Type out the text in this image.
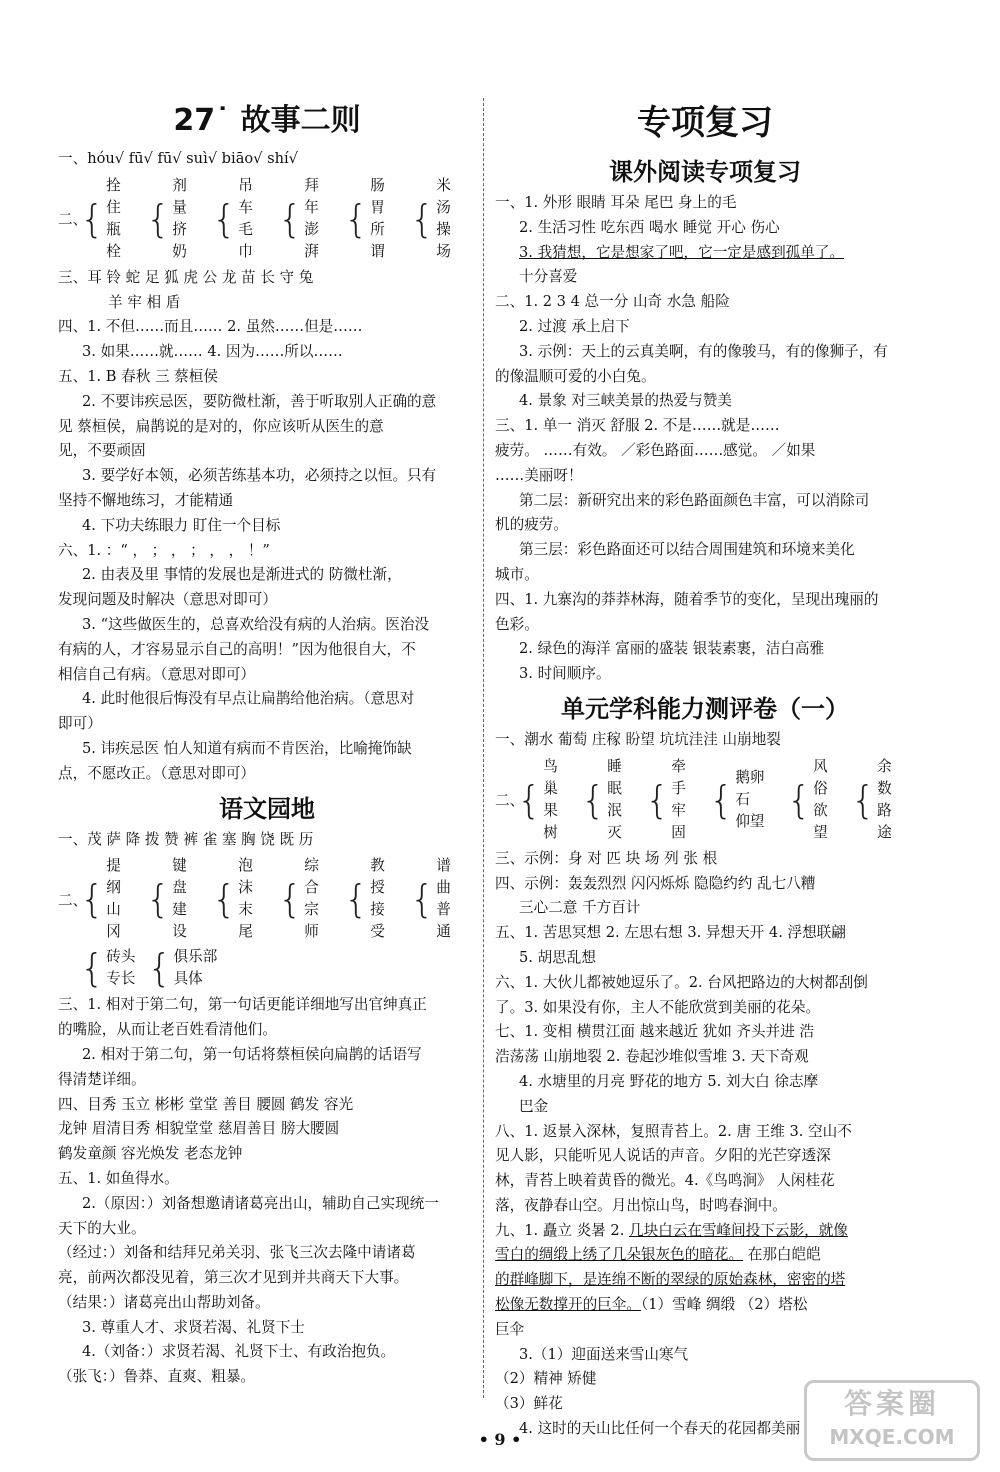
27˙ 故事二则
一、hóu√ fū√ fū√ suì√ biāo√ shí√
二、
{
拴住
瓶栓
{
剂量
挤奶
{
吊车
毛巾
{
拜年
澎湃
{
肠胃
所谓
{
米汤
操场
三、耳 铃 蛇 足 狐 虎 公 龙 苗 长 守 兔
羊 牢 相 盾
四、1. 不但……而且…… 2. 虽然……但是……
3. 如果……就…… 4. 因为……所以……
五、1. B 春秋 三 蔡桓侯
2. 不要讳疾忌医，要防微杜渐，善于听取别人正确的意
见 蔡桓侯，扁鹊说的是对的，你应该听从医生的意
见，不要顽固
3. 要学好本领，必须苦练基本功，必须持之以恒。只有
坚持不懈地练习，才能精通
4. 下功夫练眼力 盯住一个目标
六、1. ：“ ， ； ， ； ， ， ！”
2. 由表及里 事情的发展也是渐进式的 防微杜渐，
发现问题及时解决（意思对即可）
3. “这些做医生的，总喜欢给没有病的人治病。医治没
有病的人，才容易显示自己的高明！”因为他很自大，不
相信自己有病。（意思对即可）
4. 此时他很后悔没有早点让扁鹊给他治病。（意思对
即可）
5. 讳疾忌医 怕人知道有病而不肯医治，比喻掩饰缺
点，不愿改正。（意思对即可）
语文园地
一、茂 萨 降 拨 赞 裤 雀 塞 胸 饶 既 历
二、
{
提纲
山冈
{
键盘
建设
{
泡沫
末尾
{
综合
宗师
{
教授
接受
{
谱曲
普通
{ 砖头
专长 { 俱乐部
具体
三、1. 相对于第二句，第一句话更能详细地写出官绅真正
的嘴脸，从而让老百姓看清他们。
2. 相对于第二句，第一句话将蔡桓侯向扁鹊的话语写
得清楚详细。
四、目秀 玉立 彬彬 堂堂 善目 腰圆 鹤发 容光
龙钟 眉清目秀 相貌堂堂 慈眉善目 膀大腰圆
鹤发童颜 容光焕发 老态龙钟
五、1. 如鱼得水。
2.（原因：）刘备想邀请诸葛亮出山，辅助自己实现统一
天下的大业。
（经过：）刘备和结拜兄弟关羽、张飞三次去隆中请诸葛
亮，前两次都没见着，第三次才见到并共商天下大事。
（结果：）诸葛亮出山帮助刘备。
3. 尊重人才、求贤若渴、礼贤下士
4.（刘备：）求贤若渴、礼贤下士、有政治抱负。
（张飞：）鲁莽、直爽、粗暴。
专项复习
课外阅读专项复习
一、1. 外形 眼睛 耳朵 尾巴 身上的毛
2. 生活习性 吃东西 喝水 睡觉 开心 伤心
3. 我猜想，它是想家了吧，它一定是感到孤单了。
十分喜爱
二、1. 2 3 4 总一分 山奇 水急 船险
2. 过渡 承上启下
3. 示例：天上的云真美啊，有的像骏马，有的像狮子，有
的像温顺可爱的小白兔。
4. 景象 对三峡美景的热爱与赞美
三、1. 单一 消灭 舒服 2. 不是……就是……
疲劳。 ……有效。 ／彩色路面……感觉。 ／如果
……美丽呀！
第二层：新研究出来的彩色路面颜色丰富，可以消除司
机的疲劳。
第三层：彩色路面还可以结合周围建筑和环境来美化
城市。
四、1. 九寨沟的莽莽林海，随着季节的变化，呈现出瑰丽的
色彩。
2. 绿色的海洋 富丽的盛装 银装素裹，洁白高雅
3. 时间顺序。
单元学科能力测评卷（一）
一、潮水 葡萄 庄稼 盼望 坑坑洼洼 山崩地裂
二、
{
鸟巢
果树
{
睡眠
泯灭
{
牵手
牢固
{
鹅卵石
仰望 {
风俗
欲望
{
余数
路途
三、示例：身 对 匹 块 场 列 张 根
四、示例：轰轰烈烈 闪闪烁烁 隐隐约约 乱七八糟
三心二意 千方百计
五、1. 苦思冥想 2. 左思右想 3. 异想天开 4. 浮想联翩
5. 胡思乱想
六、1. 大伙儿都被她逗乐了。2. 台风把路边的大树都刮倒
了。3. 如果没有你，主人不能欣赏到美丽的花朵。
七、1. 变相 横贯江面 越来越近 犹如 齐头并进 浩
浩荡荡 山崩地裂 2. 卷起沙堆似雪堆 3. 天下奇观
4. 水塘里的月亮 野花的地方 5. 刘大白 徐志摩
巴金
八、1. 返景入深林，复照青苔上。2. 唐 王维 3. 空山不
见人影，只能听见人说话的声音。夕阳的光芒穿透深
林，青苔上映着黄昏的微光。4.《鸟鸣涧》 人闲桂花
落，夜静春山空。月出惊山鸟，时鸣春涧中。
九、1. 矗立 炎暑 2. 几块白云在雪峰间投下云影，就像
雪白的绸缎上绣了几朵银灰色的暗花。 在那白皑皑
的群峰脚下，是连绵不断的翠绿的原始森林，密密的塔
松像无数撑开的巨伞。（1）雪峰 绸缎 （2）塔松
巨伞
3.（1）迎面送来雪山寒气
（2）精神 矫健
（3）鲜花
4. 这时的天山比任何一个春天的花园都美丽
• 9 •
答案圈
MXQE.COM
